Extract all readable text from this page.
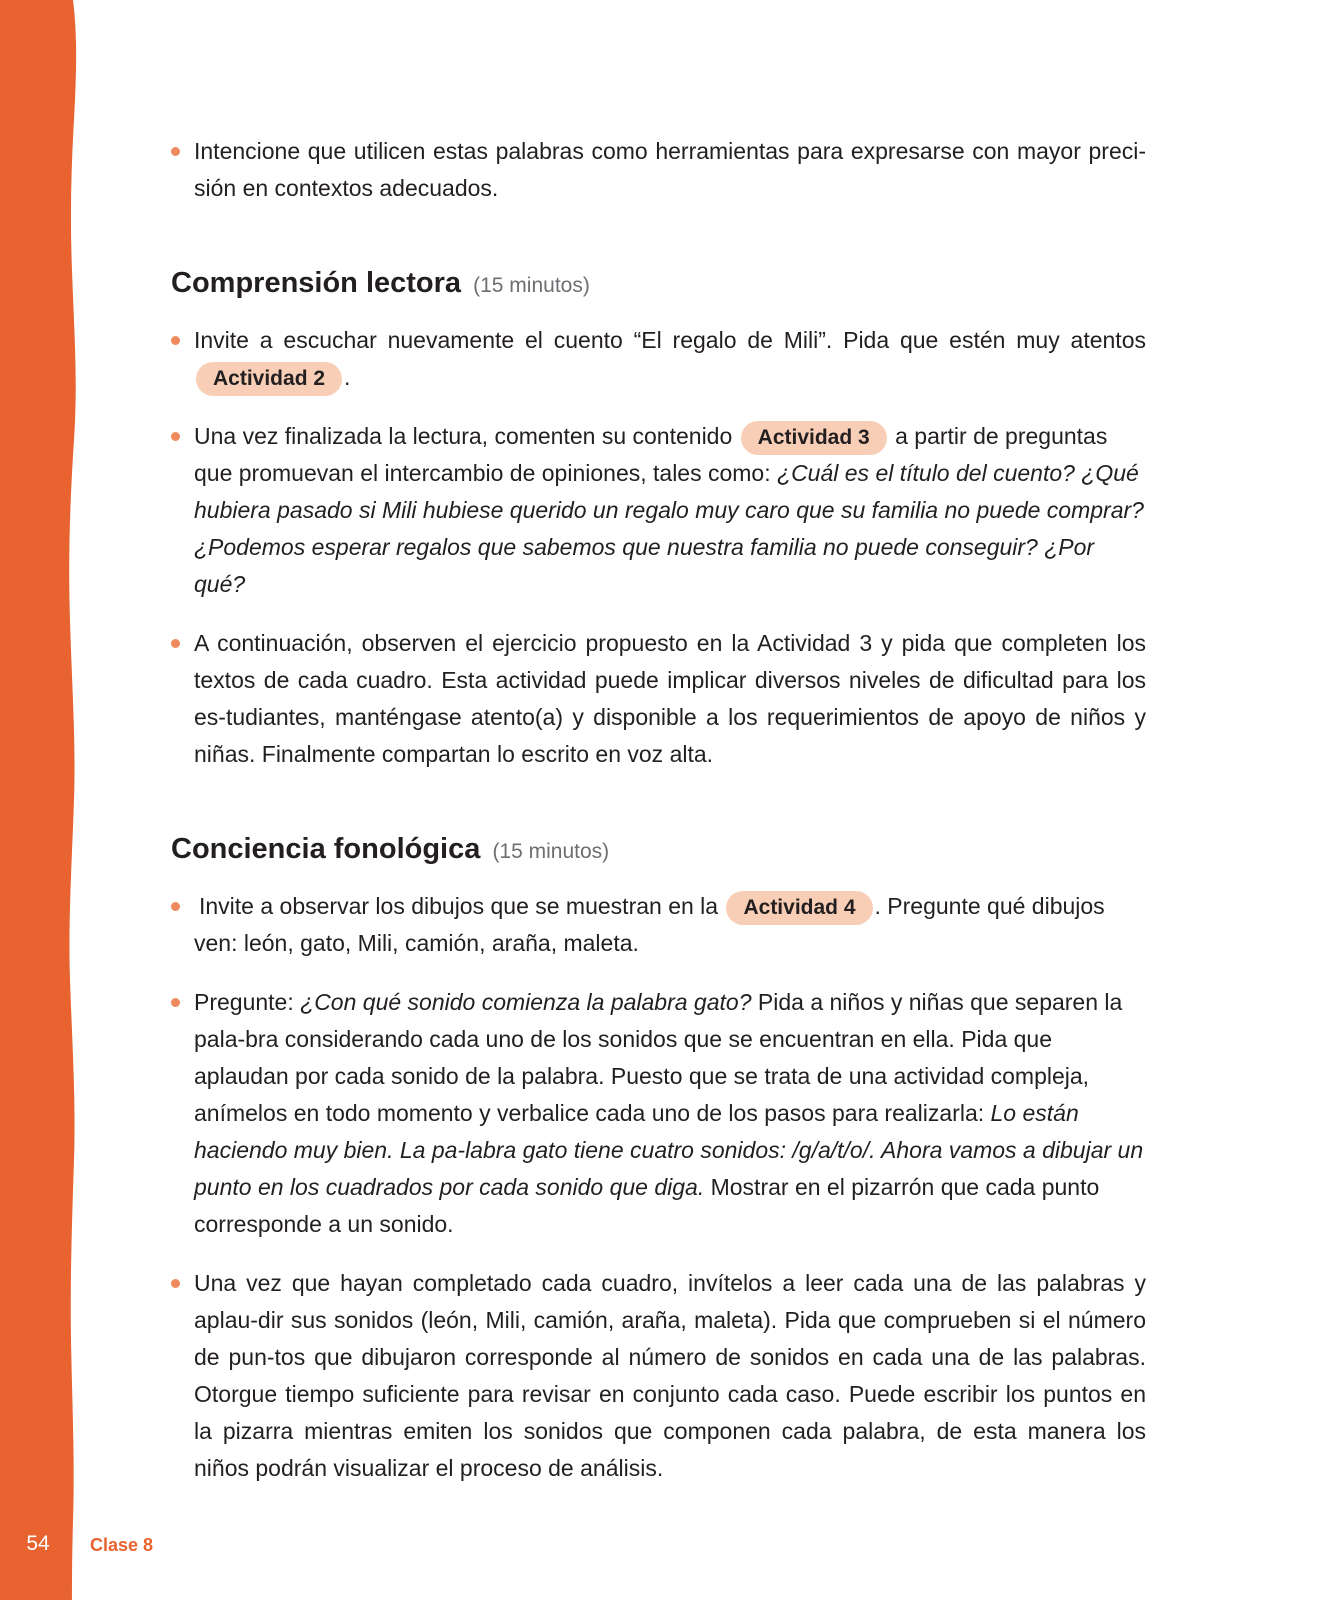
54	Clase 8
Intencione que utilicen estas palabras como herramientas para expresarse con mayor preci-sión en contextos adecuados.
Comprensión lectora (15 minutos)
Invite a escuchar nuevamente el cuento “El regalo de Mili”. Pida que estén muy atentos Actividad 2 .
Una vez finalizada la lectura, comenten su contenido Actividad 3 a partir de preguntas que promuevan el intercambio de opiniones, tales como: ¿Cuál es el título del cuento? ¿Qué hubiera pasado si Mili hubiese querido un regalo muy caro que su familia no puede comprar? ¿Podemos esperar regalos que sabemos que nuestra familia no puede conseguir? ¿Por qué?
A continuación, observen el ejercicio propuesto en la Actividad 3 y pida que completen los textos de cada cuadro. Esta actividad puede implicar diversos niveles de dificultad para los es-tudiantes, manténgase atento(a) y disponible a los requerimientos de apoyo de niños y niñas. Finalmente compartan lo escrito en voz alta.
Conciencia fonológica (15 minutos)
Invite a observar los dibujos que se muestran en la Actividad 4 . Pregunte qué dibujos ven: león, gato, Mili, camión, araña, maleta.
Pregunte: ¿Con qué sonido comienza la palabra gato? Pida a niños y niñas que separen la pala-bra considerando cada uno de los sonidos que se encuentran en ella. Pida que aplaudan por cada sonido de la palabra. Puesto que se trata de una actividad compleja, anímelos en todo momento y verbalice cada uno de los pasos para realizarla: Lo están haciendo muy bien. La pa-labra gato tiene cuatro sonidos: /g/a/t/o/. Ahora vamos a dibujar un punto en los cuadrados por cada sonido que diga. Mostrar en el pizarrón que cada punto corresponde a un sonido.
Una vez que hayan completado cada cuadro, invítelos a leer cada una de las palabras y aplau-dir sus sonidos (león, Mili, camión, araña, maleta). Pida que comprueben si el número de pun-tos que dibujaron corresponde al número de sonidos en cada una de las palabras. Otorgue tiempo suficiente para revisar en conjunto cada caso. Puede escribir los puntos en la pizarra mientras emiten los sonidos que componen cada palabra, de esta manera los niños podrán visualizar el proceso de análisis.
